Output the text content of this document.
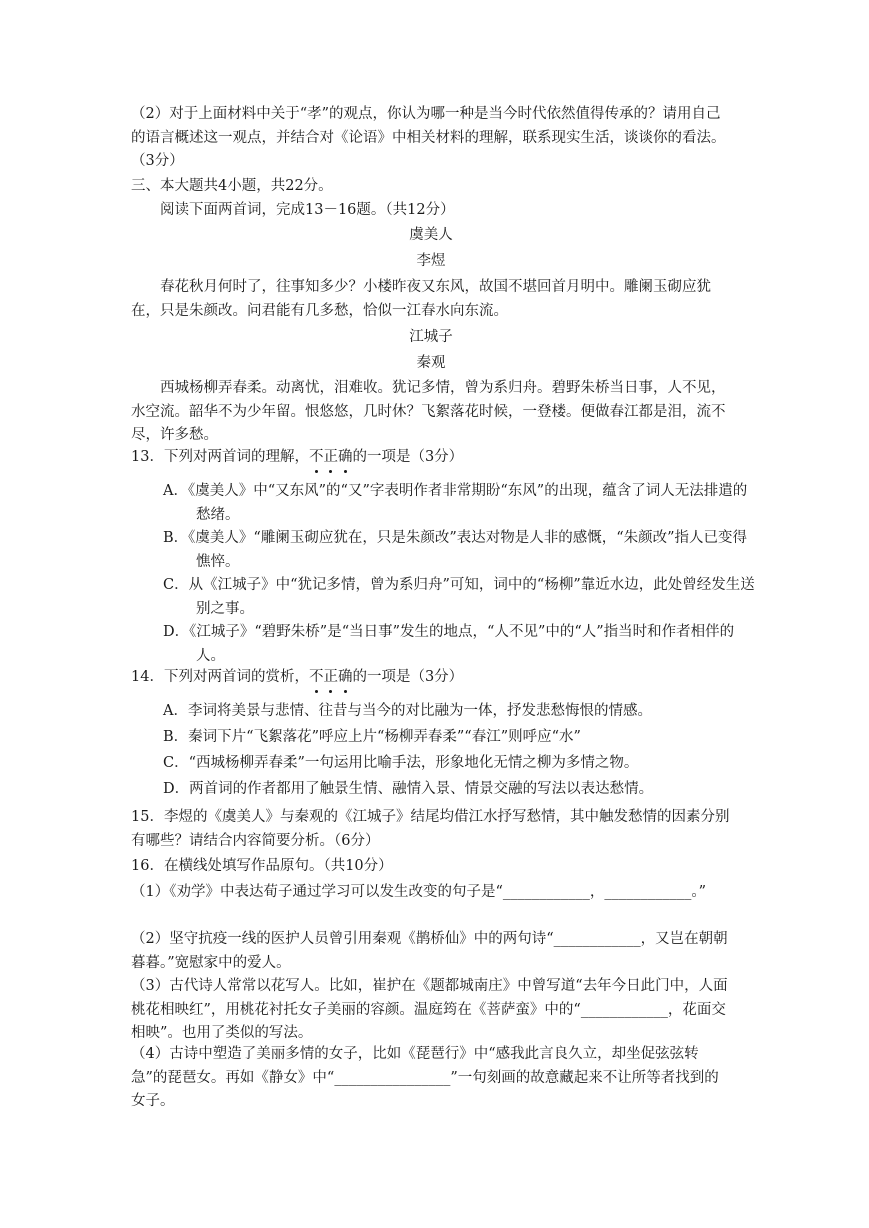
（2）对于上面材料中关于“孝”的观点，你认为哪一种是当今时代依然值得传承的？请用自己的语言概述这一观点，并结合对《论语》中相关材料的理解，联系现实生活，谈谈你的看法。（3分）

三、本大题共4小题，共22分。

阅读下面两首词，完成13－16题。（共12分）

虞美人

李煜

春花秋月何时了，往事知多少？小楼昨夜又东风，故国不堪回首月明中。雕阑玉砌应犹在，只是朱颜改。问君能有几多愁，恰似一江春水向东流。

江城子

秦观

西城杨柳弄春柔。动离忧，泪难收。犹记多情，曾为系归舟。碧野朱桥当日事，人不见，水空流。韶华不为少年留。恨悠悠，几时休？飞絮落花时候，一登楼。便做春江都是泪，流不尽，许多愁。

13．下列对两首词的理解，不正确的一项是（3分）

A．《虞美人》中“又东风”的“又”字表明作者非常期盼“东风”的出现，蕴含了词人无法排遣的愁绪。

B．《虞美人》“雕阑玉砌应犹在，只是朱颜改”表达对物是人非的感慨，“朱颜改”指人已变得憔悴。

C．从《江城子》中“犹记多情，曾为系归舟”可知，词中的“杨柳”靠近水边，此处曾经发生送别之事。

D．《江城子》“碧野朱桥”是“当日事”发生的地点，“人不见”中的“人”指当时和作者相伴的人。

14．下列对两首词的赏析，不正确的一项是（3分）

A．李词将美景与悲情、往昔与当今的对比融为一体，抒发悲愁悔恨的情感。

B．秦词下片“飞絮落花”呼应上片“杨柳弄春柔”“春江”则呼应“水”

C．“西城杨柳弄春柔”一句运用比喻手法，形象地化无情之柳为多情之物。

D．两首词的作者都用了触景生情、融情入景、情景交融的写法以表达愁情。

15．李煜的《虞美人》与秦观的《江城子》结尾均借江水抒写愁情，其中触发愁情的因素分别有哪些？请结合内容简要分析。（6分）

16．在横线处填写作品原句。（共10分）

（1）《劝学》中表达荀子通过学习可以发生改变的句子是“____________，____________。”

（2）坚守抗疫一线的医护人员曾引用秦观《鹊桥仙》中的两句诗“____________，又岂在朝朝暮暮。”宽慰家中的爱人。

（3）古代诗人常常以花写人。比如，崔护在《题都城南庄》中曾写道“去年今日此门中，人面桃花相映红”，用桃花衬托女子美丽的容颜。温庭筠在《菩萨蛮》中的“____________，花面交相映”。也用了类似的写法。

（4）古诗中塑造了美丽多情的女子，比如《琵琶行》中“感我此言良久立，却坐促弦弦转急”的琵琶女。再如《静女》中“________________”一句刻画的故意藏起来不让所等者找到的女子。
